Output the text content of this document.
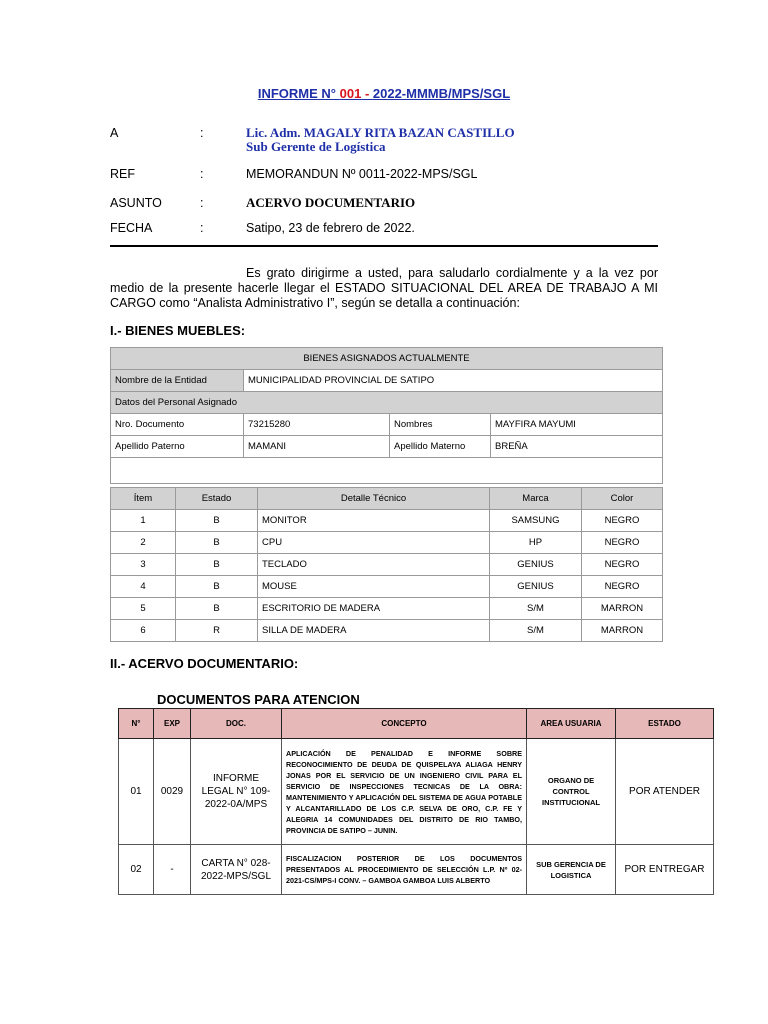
INFORME N° 001 - 2022-MMMB/MPS/SGL
A	:	Lic. Adm. MAGALY RITA BAZAN CASTILLO
Sub Gerente de Logística
REF	:	MEMORANDUN Nº 0011-2022-MPS/SGL
ASUNTO	:	ACERVO DOCUMENTARIO
FECHA	:	Satipo, 23 de febrero de 2022.
Es grato dirigirme a usted, para saludarlo cordialmente y a la vez por medio de la presente hacerle llegar el ESTADO SITUACIONAL DEL AREA DE TRABAJO A MI CARGO como “Analista Administrativo I”, según se detalla a continuación:
I.- BIENES MUEBLES:
BIENES ASIGNADOS ACTUALMENTE			
Nombre de la Entidad	MUNICIPALIDAD PROVINCIAL DE SATIPO		
Datos del Personal Asignado			
Nro. Documento	73215280	Nombres	MAYFIRA MAYUMI
Apellido Paterno	MAMANI	Apellido Materno	BREÑA

Ítem	Estado	Detalle Técnico	Marca	Color
1	B	MONITOR	SAMSUNG	NEGRO
2	B	CPU	HP	NEGRO
3	B	TECLADO	GENIUS	NEGRO
4	B	MOUSE	GENIUS	NEGRO
5	B	ESCRITORIO DE MADERA	S/M	MARRON
6	R	SILLA DE MADERA	S/M	MARRON
II.- ACERVO DOCUMENTARIO:
DOCUMENTOS PARA ATENCION
N°	EXP	DOC.	CONCEPTO	AREA USUARIA	ESTADO
01	0029	INFORME LEGAL N° 109-2022-0A/MPS	APLICACIÓN DE PENALIDAD E INFORME SOBRE RECONOCIMIENTO DE DEUDA DE QUISPELAYA ALIAGA HENRY JONAS POR EL SERVICIO DE UN INGENIERO CIVIL PARA EL SERVICIO DE INSPECCIONES TECNICAS DE LA OBRA: MANTENIMIENTO Y APLICACIÓN DEL SISTEMA DE AGUA POTABLE Y ALCANTARILLADO DE LOS C.P. SELVA DE ORO, C.P. FE Y ALEGRIA 14 COMUNIDADES DEL DISTRITO DE RIO TAMBO, PROVINCIA DE SATIPO – JUNIN.	ORGANO DE CONTROL INSTITUCIONAL	POR ATENDER
02	-	CARTA N° 028-2022-MPS/SGL	FISCALIZACION POSTERIOR DE LOS DOCUMENTOS PRESENTADOS AL PROCEDIMIENTO DE SELECCIÓN L.P. Nº 02-2021-CS/MPS-I CONV. – GAMBOA GAMBOA LUIS ALBERTO	SUB GERENCIA DE LOGISTICA	POR ENTREGAR
